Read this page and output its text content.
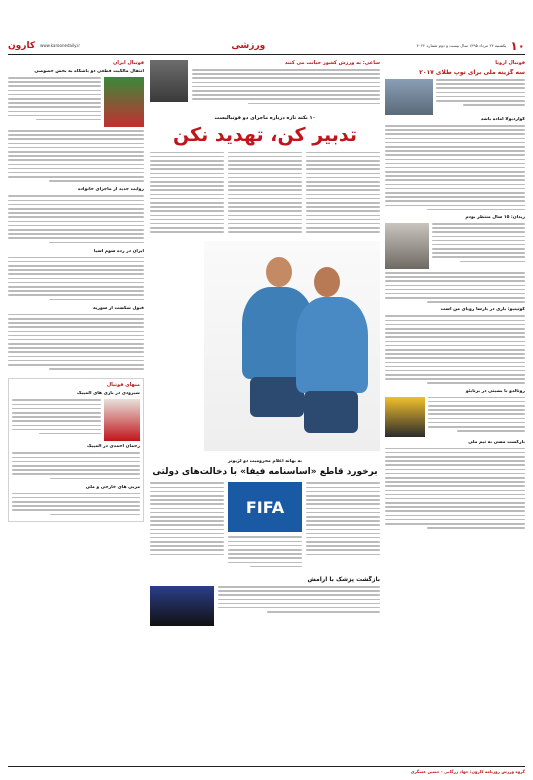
۱۰
یکشنبه ۲۴ مرداد ۱۳۹۵ سال بیست و دوم شماره ۴۰۲۲
ورزشی
کارون www.karoonedaily.ir
فوتبال اروپا
سه گزینه ملی برای توپ طلای ۲۰۱۷
گواردیولا آماده باشد
زیدان: ۱۵ سال منتظر بودم
کوتینیو: بازی در بارسا رویای من است
رونالدو با بشیتی در برنابئو
بازگشت مسی به تیم ملی
ساعی: به ورزش کشور خیانت می کنند
۱۰ نکته تازه درباره ماجرای دو فوتبالیست
تدبیر کن، تهدید نکن
به بهانه اعلام محرومیت دو لژیونر
برخورد قاطع «اساسنامه فیفا» با دخالت‌های دولتی
FIFA
بازگشت پزشک با آرامش
فوتبال ایران
انتقال مالکیت قطعی دو باشگاه به بخش خصوصی
روایت جدید از ماجرای خانواده
ایران در رده سوم آسیا
قبول شکست از سوریه
منهای فوتبال
شیرودی در بازی های المپیک
رحمان احمدی در المپیک
مربی های خارجی و ملی
گروه ورزش روزنامه کارون: جهاد زرگانی - حسین عسگری
